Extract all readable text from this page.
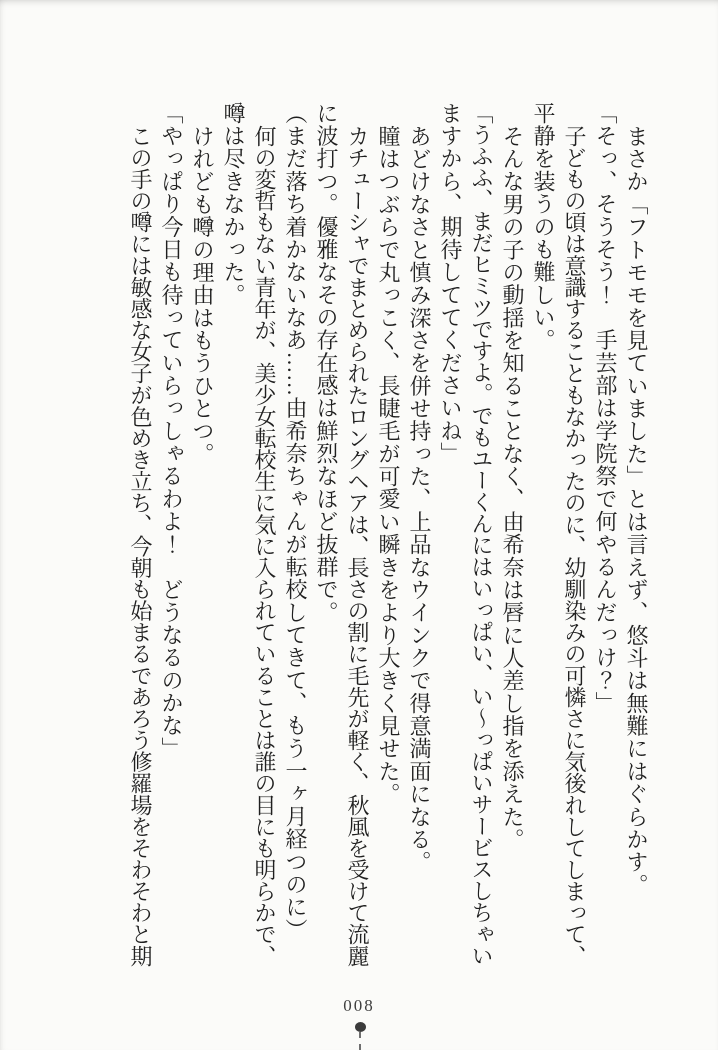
まさか「フトモモを見ていました」とは言えず、悠斗は無難にはぐらかす。
「そっ、そうそう！　手芸部は学院祭で何やるんだっけ？」
子どもの頃は意識することもなかったのに、幼馴染みの可憐さに気後れしてしまって、
平静を装うのも難しい。
そんな男の子の動揺を知ることなく、由希奈は唇に人差し指を添えた。
「うふふ、まだヒミツですよ。でもユーくんにはいっぱい、い〜っぱいサービスしちゃい
ますから、期待しててくださいね」
あどけなさと慎み深さを併せ持った、上品なウインクで得意満面になる。
瞳はつぶらで丸っこく、長睫毛が可愛い瞬きをより大きく見せた。
カチューシャでまとめられたロングヘアは、長さの割に毛先が軽く、秋風を受けて流麗
に波打つ。優雅なその存在感は鮮烈なほど抜群で。
（まだ落ち着かないなあ……由希奈ちゃんが転校してきて、もう一ヶ月経つのに）
何の変哲もない青年が、美少女転校生に気に入られていることは誰の目にも明らかで、
噂は尽きなかった。
けれども噂の理由はもうひとつ。
「やっぱり今日も待っていらっしゃるわよ！　どうなるのかな」
この手の噂には敏感な女子が色めき立ち、今朝も始まるであろう修羅場をそわそわと期
008
